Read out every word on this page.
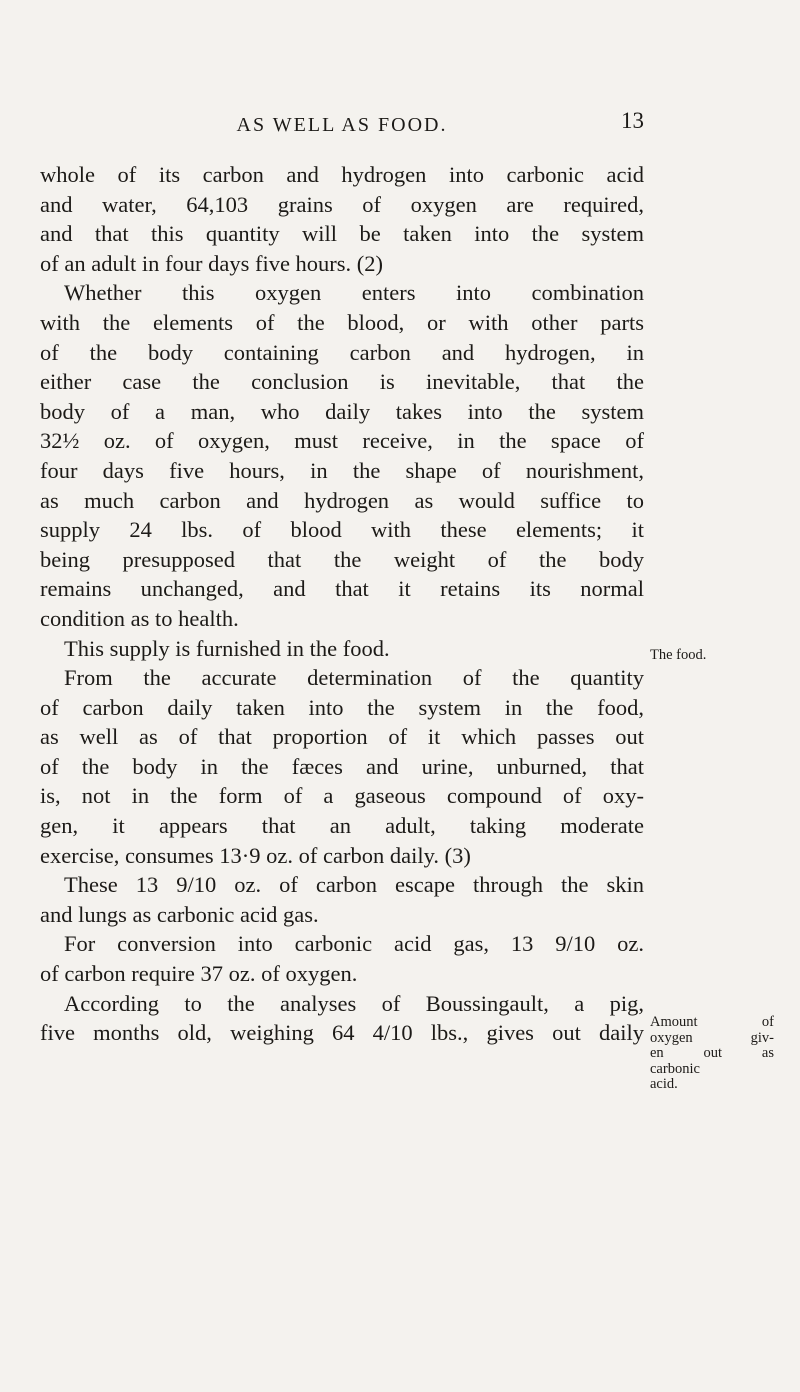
AS WELL AS FOOD.	13
whole of its carbon and hydrogen into carbonic acid
and water, 64,103 grains of oxygen are required,
and that this quantity will be taken into the system
of an adult in four days five hours. (2)
Whether this oxygen enters into combination
with the elements of the blood, or with other parts
of the body containing carbon and hydrogen, in
either case the conclusion is inevitable, that the
body of a man, who daily takes into the system
32½ oz. of oxygen, must receive, in the space of
four days five hours, in the shape of nourishment,
as much carbon and hydrogen as would suffice to
supply 24 lbs. of blood with these elements; it
being presupposed that the weight of the body
remains unchanged, and that it retains its normal
condition as to health.
This supply is furnished in the food.
From the accurate determination of the quantity
of carbon daily taken into the system in the food,
as well as of that proportion of it which passes out
of the body in the fæces and urine, unburned, that
is, not in the form of a gaseous compound of oxy-
gen, it appears that an adult, taking moderate
exercise, consumes 13·9 oz. of carbon daily. (3)
These 13 9/10 oz. of carbon escape through the skin
and lungs as carbonic acid gas.
For conversion into carbonic acid gas, 13 9/10 oz.
of carbon require 37 oz. of oxygen.
According to the analyses of Boussingault, a pig,
five months old, weighing 64 4/10 lbs., gives out daily
The food.
Amount of
oxygen giv-
en out as
carbonic
acid.
